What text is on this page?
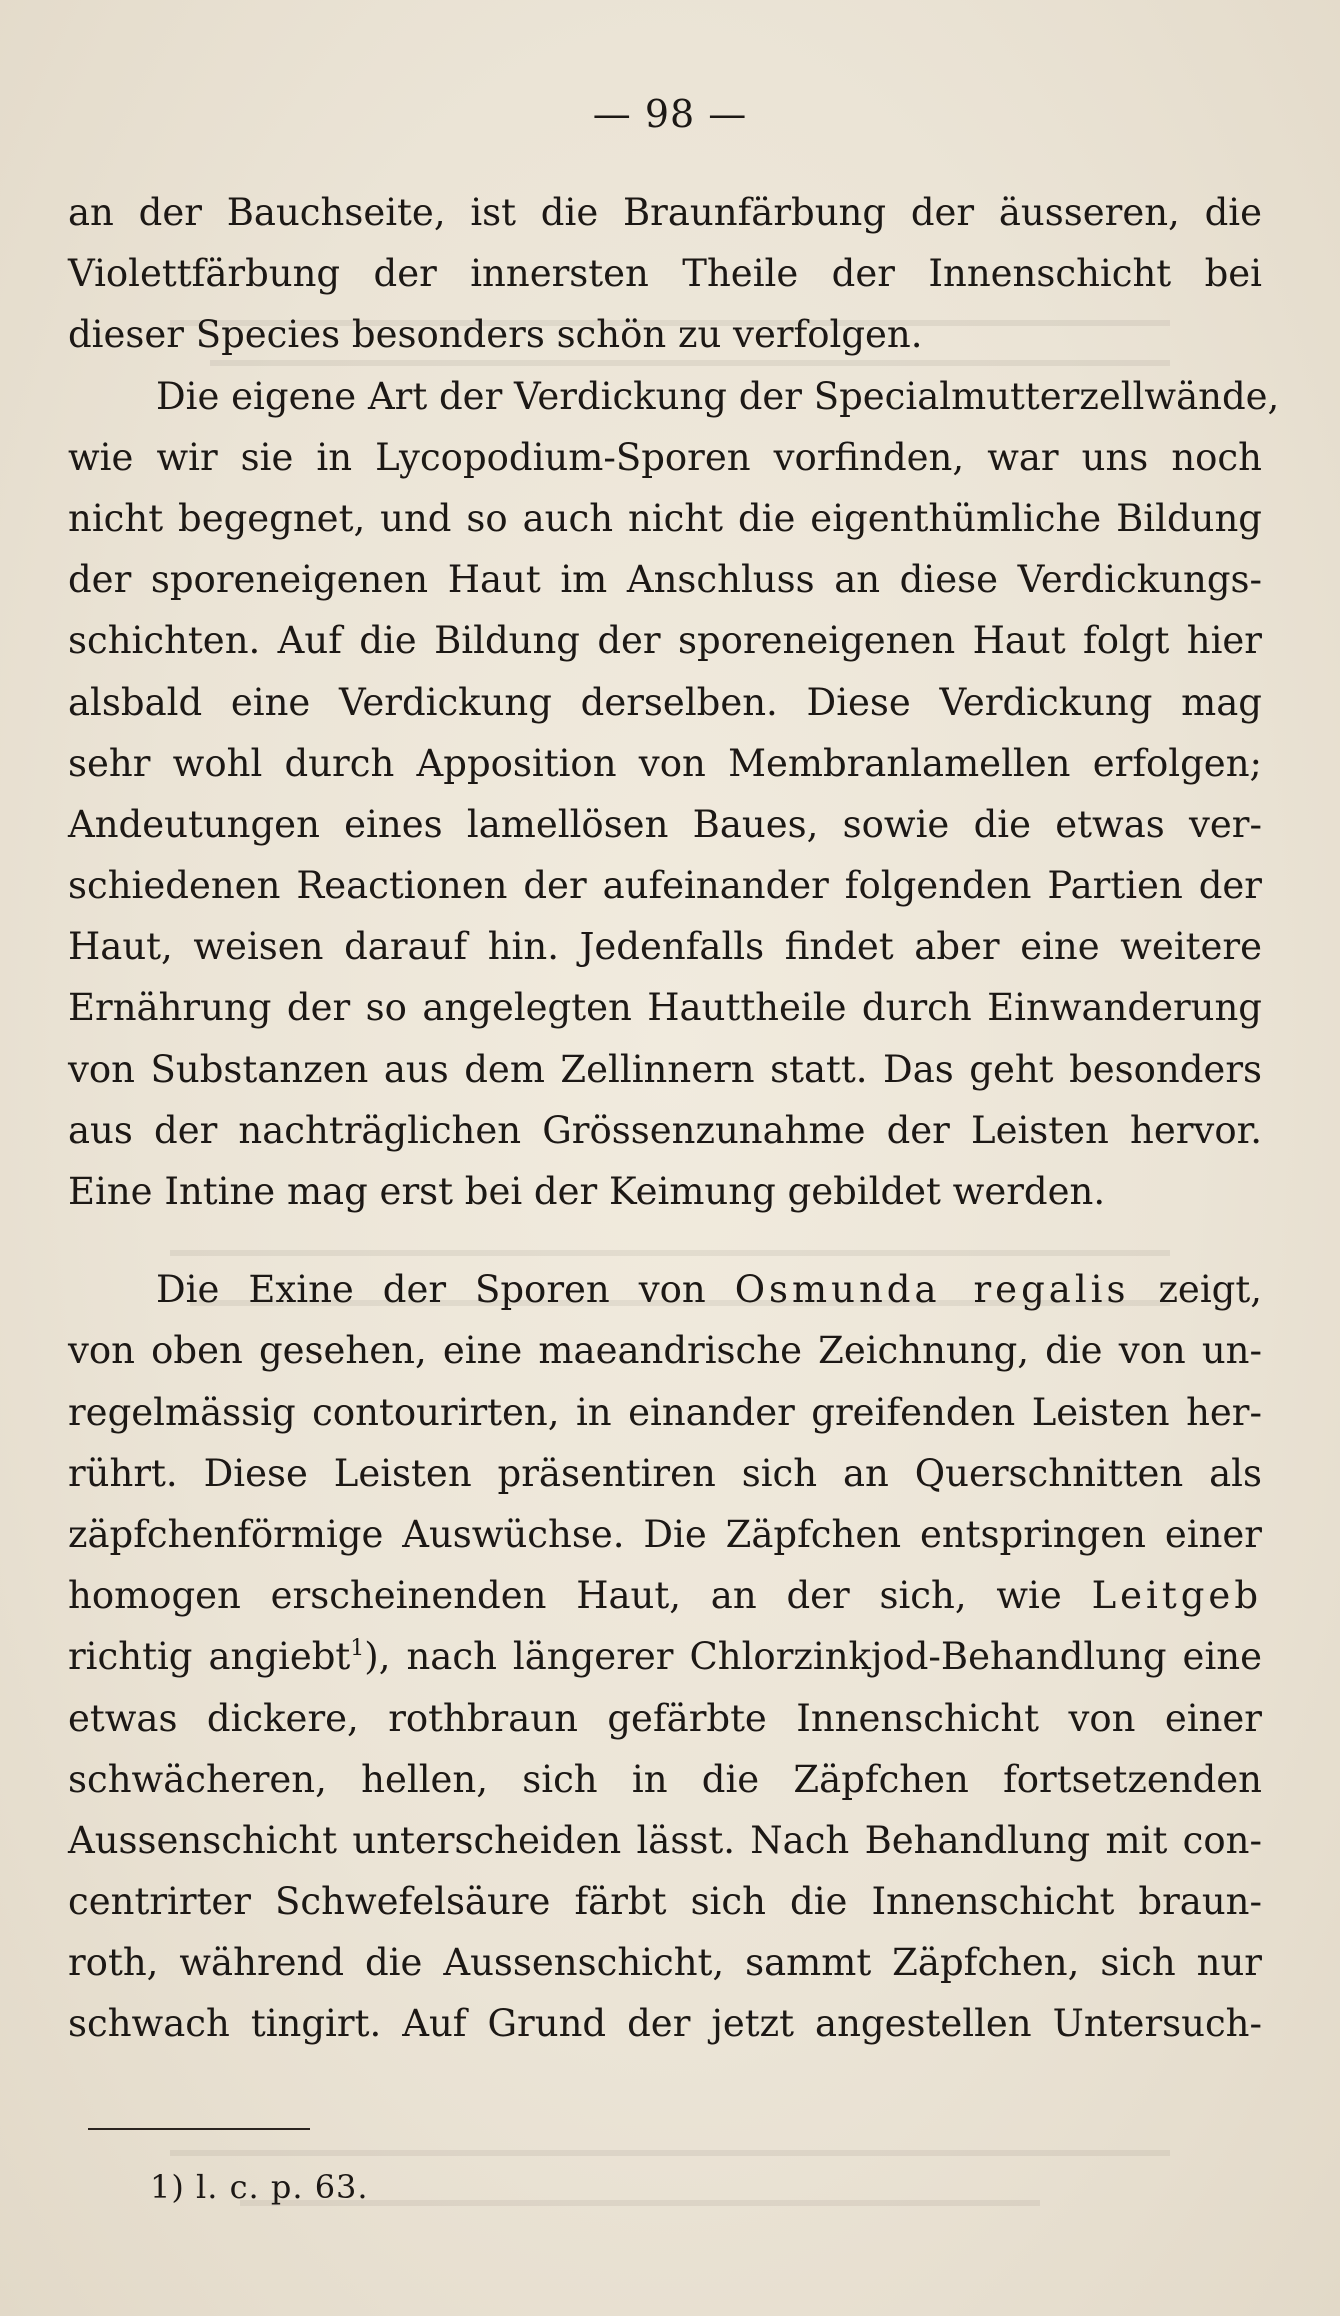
— 98 —
an der Bauchseite, ist die Braunfärbung der äusseren, die
Violettfärbung der innersten Theile der Innenschicht bei
dieser Species besonders schön zu verfolgen.
Die eigene Art der Verdickung der Specialmutterzellwände,
wie wir sie in Lycopodium-Sporen vorfinden, war uns noch
nicht begegnet, und so auch nicht die eigenthümliche Bildung
der sporeneigenen Haut im Anschluss an diese Verdickungs-
schichten. Auf die Bildung der sporeneigenen Haut folgt hier
alsbald eine Verdickung derselben. Diese Verdickung mag
sehr wohl durch Apposition von Membranlamellen erfolgen;
Andeutungen eines lamellösen Baues, sowie die etwas ver-
schiedenen Reactionen der aufeinander folgenden Partien der
Haut, weisen darauf hin. Jedenfalls findet aber eine weitere
Ernährung der so angelegten Hauttheile durch Einwanderung
von Substanzen aus dem Zellinnern statt. Das geht besonders
aus der nachträglichen Grössenzunahme der Leisten hervor.
Eine Intine mag erst bei der Keimung gebildet werden.
Die Exine der Sporen von Osmunda regalis zeigt,
von oben gesehen, eine maeandrische Zeichnung, die von un-
regelmässig contourirten, in einander greifenden Leisten her-
rührt. Diese Leisten präsentiren sich an Querschnitten als
zäpfchenförmige Auswüchse. Die Zäpfchen entspringen einer
homogen erscheinenden Haut, an der sich, wie Leitgeb
richtig angiebt$^1$), nach längerer Chlorzinkjod-Behandlung eine
etwas dickere, rothbraun gefärbte Innenschicht von einer
schwächeren, hellen, sich in die Zäpfchen fortsetzenden
Aussenschicht unterscheiden lässt. Nach Behandlung mit con-
centrirter Schwefelsäure färbt sich die Innenschicht braun-
roth, während die Aussenschicht, sammt Zäpfchen, sich nur
schwach tingirt. Auf Grund der jetzt angestellen Untersuch-
1) l. c. p. 63.
